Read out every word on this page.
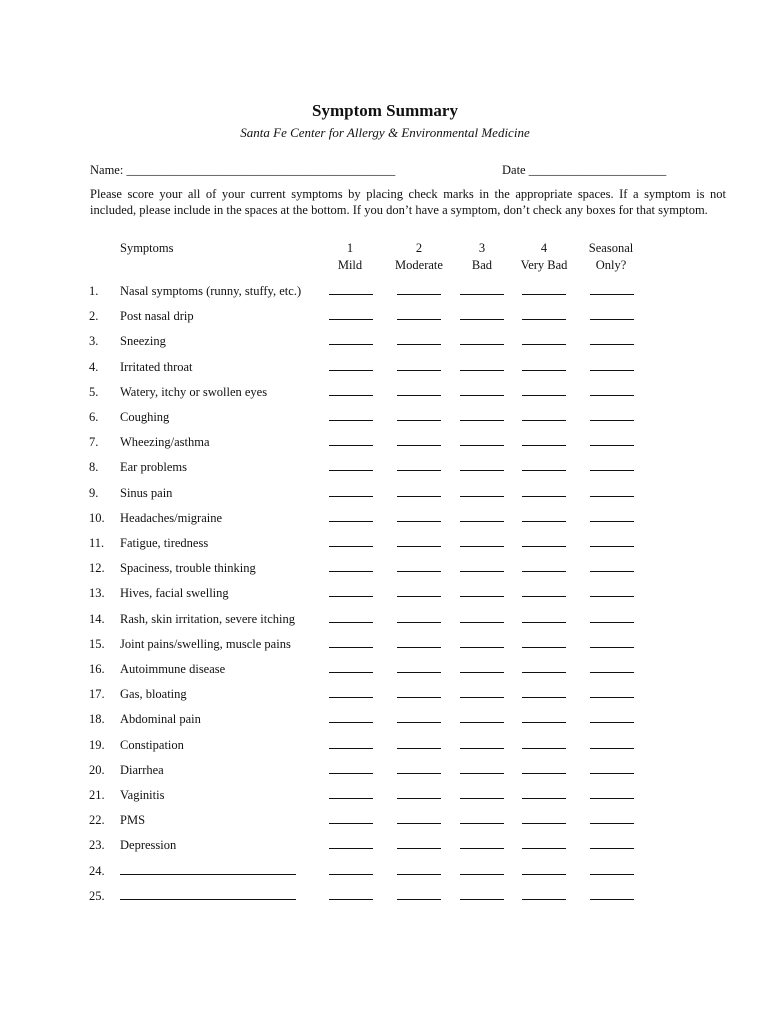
Symptom Summary
Santa Fe Center for Allergy & Environmental Medicine
Name: ___________________________________________	Date ______________________
Please score your all of your current symptoms by placing check marks in the appropriate spaces. If a symptom is not included, please include in the spaces at the bottom. If you don’t have a symptom, don’t check any boxes for that symptom.
Symptoms	1
Mild
2
Moderate
3
Bad
4
Very Bad
Seasonal
Only?
1. Nasal symptoms (runny, stuffy, etc.)
2. Post nasal drip
3. Sneezing
4. Irritated throat
5. Watery, itchy or swollen eyes
6. Coughing
7. Wheezing/asthma
8. Ear problems
9. Sinus pain
10. Headaches/migraine
11. Fatigue, tiredness
12. Spaciness, trouble thinking
13. Hives, facial swelling
14. Rash, skin irritation, severe itching
15. Joint pains/swelling, muscle pains
16. Autoimmune disease
17. Gas, bloating
18. Abdominal pain
19. Constipation
20. Diarrhea
21. Vaginitis
22. PMS
23. Depression
24.
25.
